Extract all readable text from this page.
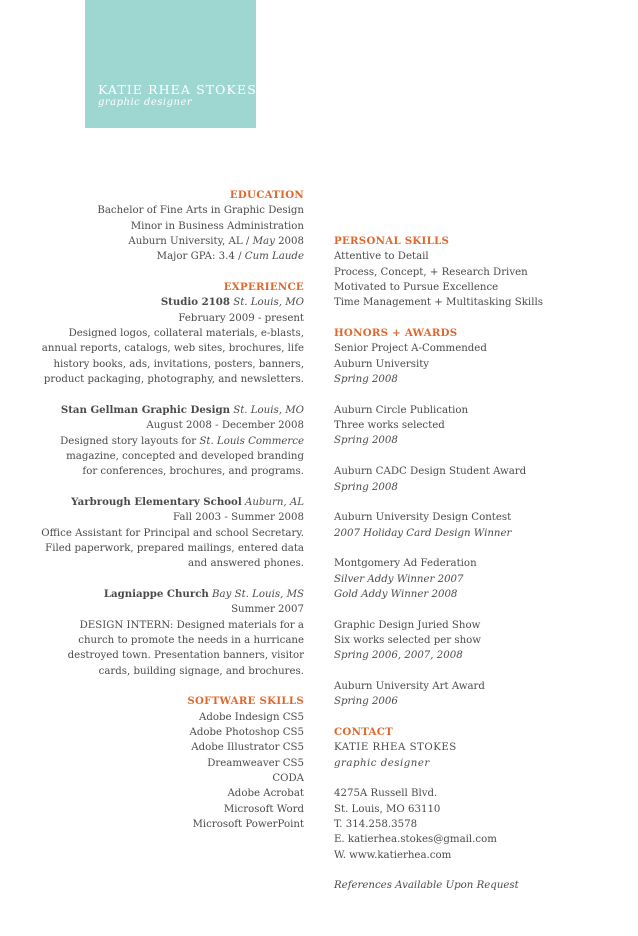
KATIE RHEA STOKES
graphic designer
EDUCATION
Bachelor of Fine Arts in Graphic Design
Minor in Business Administration
Auburn University, AL / May 2008
Major GPA: 3.4 / Cum Laude
EXPERIENCE
Studio 2108 St. Louis, MO
February 2009 - present
Designed logos, collateral materials, e-blasts,
annual reports, catalogs, web sites, brochures, life
history books, ads, invitations, posters, banners,
product packaging, photography, and newsletters.
Stan Gellman Graphic Design St. Louis, MO
August 2008 - December 2008
Designed story layouts for St. Louis Commerce
magazine, concepted and developed branding
for conferences, brochures, and programs.
Yarbrough Elementary School Auburn, AL
Fall 2003 - Summer 2008
Office Assistant for Principal and school Secretary.
Filed paperwork, prepared mailings, entered data
and answered phones.
Lagniappe Church Bay St. Louis, MS
Summer 2007
DESIGN INTERN: Designed materials for a
church to promote the needs in a hurricane
destroyed town. Presentation banners, visitor
cards, building signage, and brochures.
SOFTWARE SKILLS
Adobe Indesign CS5
Adobe Photoshop CS5
Adobe Illustrator CS5
Dreamweaver CS5
CODA
Adobe Acrobat
Microsoft Word
Microsoft PowerPoint
PERSONAL SKILLS
Attentive to Detail
Process, Concept, + Research Driven
Motivated to Pursue Excellence
Time Management + Multitasking Skills
HONORS + AWARDS
Senior Project A-Commended
Auburn University
Spring 2008
Auburn Circle Publication
Three works selected
Spring 2008
Auburn CADC Design Student Award
Spring 2008
Auburn University Design Contest
2007 Holiday Card Design Winner
Montgomery Ad Federation
Silver Addy Winner 2007
Gold Addy Winner 2008
Graphic Design Juried Show
Six works selected per show
Spring 2006, 2007, 2008
Auburn University Art Award
Spring 2006
CONTACT
KATIE RHEA STOKES
graphic designer
4275A Russell Blvd.
St. Louis, MO 63110
T. 314.258.3578
E. katierhea.stokes@gmail.com
W. www.katierhea.com
References Available Upon Request
